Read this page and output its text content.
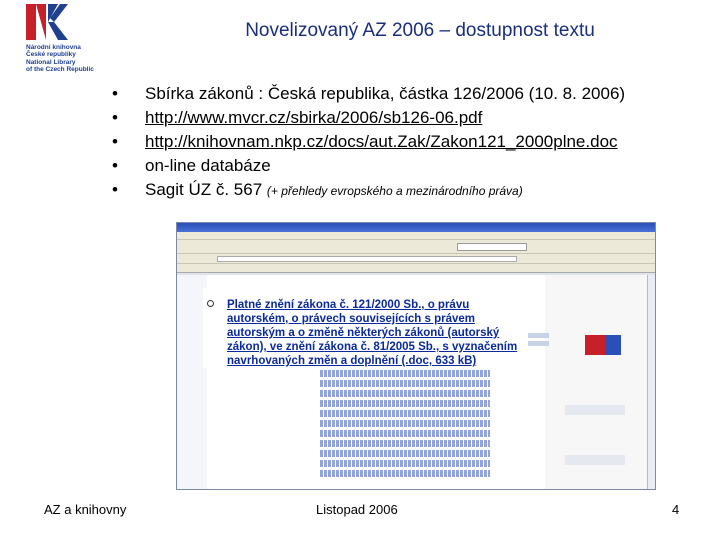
Národní knihovna
České republiky
National Library
of the Czech Republic
Novelizovaný AZ 2006 – dostupnost textu
• Sbírka zákonů : Česká republika, částka 126/2006 (10. 8. 2006)
• http://www.mvcr.cz/sbirka/2006/sb126-06.pdf
• http://knihovnam.nkp.cz/docs/aut.Zak/Zakon121_2000plne.doc
• on-line databáze
• Sagit ÚZ č. 567 (+ přehledy evropského a mezinárodního práva)
Platné znění zákona č. 121/2000 Sb., o právu autorském, o právech souvisejících s právem autorským a o změně některých zákonů (autorský zákon), ve znění zákona č. 81/2005 Sb., s vyznačením navrhovaných změn a doplnění (.doc, 633 kB)
AZ a knihovny	Listopad 2006	4
